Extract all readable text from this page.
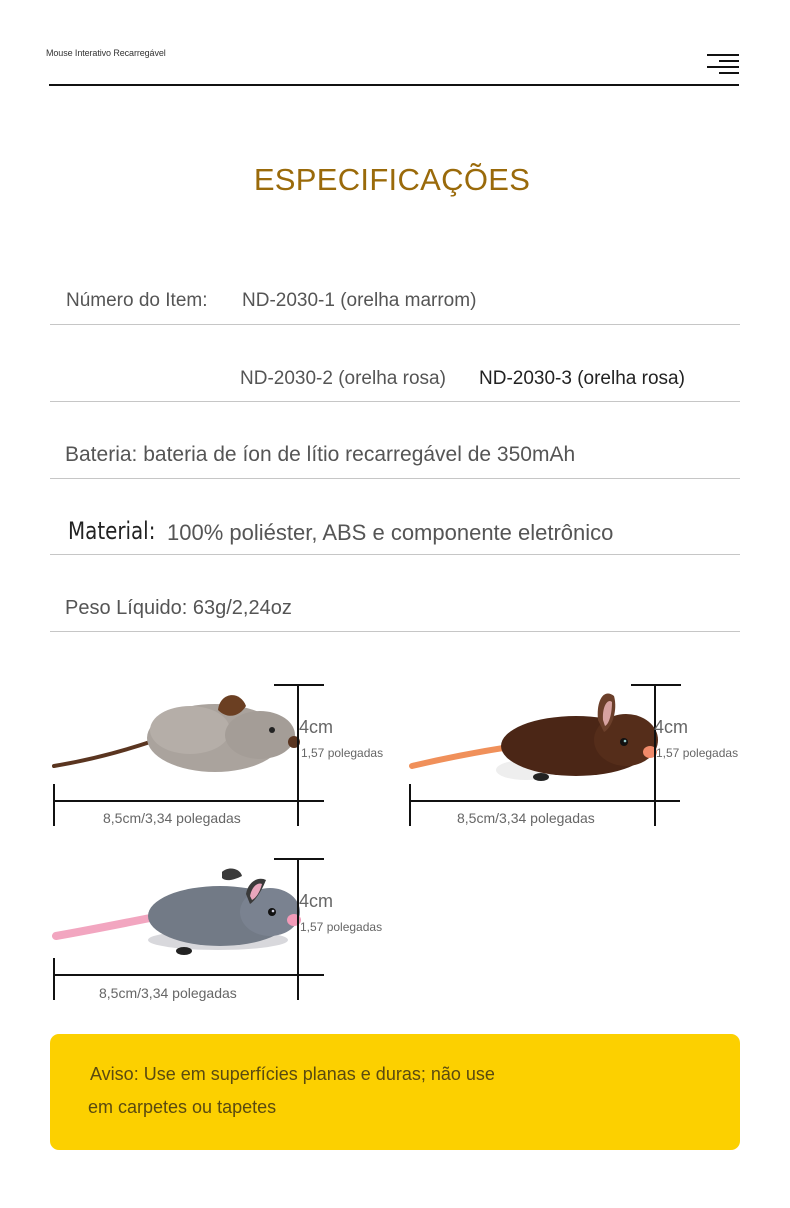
Mouse Interativo Recarregável
ESPECIFICAÇÕES
Número do Item: ND-2030-1 (orelha marrom)
ND-2030-2 (orelha rosa) ND-2030-3 (orelha rosa)
Bateria: bateria de íon de lítio recarregável de 350mAh
Material: 100% poliéster, ABS e componente eletrônico
Peso Líquido: 63g/2,24oz
4cm
1,57 polegadas
8,5cm/3,34 polegadas
4cm
1,57 polegadas
8,5cm/3,34 polegadas
4cm
1,57 polegadas
8,5cm/3,34 polegadas
Aviso: Use em superfícies planas e duras; não use
em carpetes ou tapetes
